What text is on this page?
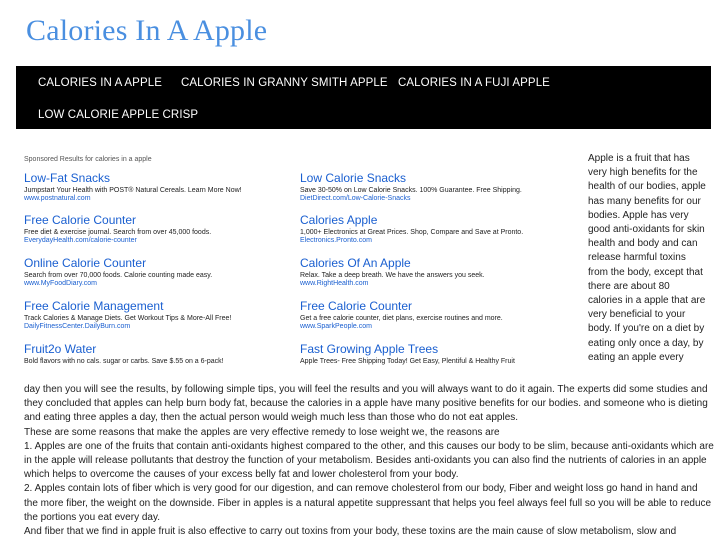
Calories In A Apple
CALORIES IN A APPLE CALORIES IN GRANNY SMITH APPLE CALORIES IN A FUJI APPLE
LOW CALORIE APPLE CRISP
Sponsored Results for calories in a apple
Low-Fat Snacks
Jumpstart Your Health with POST® Natural Cereals. Learn More Now!
www.postnatural.com
Free Calorie Counter
Free diet & exercise journal. Search from over 45,000 foods.
EverydayHealth.com/calorie-counter
Online Calorie Counter
Search from over 70,000 foods. Calorie counting made easy.
www.MyFoodDiary.com
Free Calorie Management
Track Calories & Manage Diets. Get Workout Tips & More-All Free!
DailyFitnessCenter.DailyBurn.com
Fruit2o Water
Bold flavors with no cals. sugar or carbs. Save $.55 on a 6-pack!
Low Calorie Snacks
Save 30-50% on Low Calorie Snacks. 100% Guarantee. Free Shipping.
DietDirect.com/Low-Calorie-Snacks
Calories Apple
1,000+ Electronics at Great Prices. Shop, Compare and Save at Pronto.
Electronics.Pronto.com
Calories Of An Apple
Relax. Take a deep breath. We have the answers you seek.
www.RightHealth.com
Free Calorie Counter
Get a free calorie counter, diet plans, exercise routines and more.
www.SparkPeople.com
Fast Growing Apple Trees
Apple Trees- Free Shipping Today! Get Easy, Plentiful & Healthy Fruit
Apple is a fruit that has very high benefits for the health of our bodies, apple has many benefits for our bodies. Apple has very good anti-oxidants for skin health and body and can release harmful toxins from the body, except that there are about 80 calories in a apple that are very beneficial to your body. If you're on a diet by eating only once a day, by eating an apple every

day then you will see the results, by following simple tips, you will feel the results and you will always want to do it again. The experts did some studies and they concluded that apples can help burn body fat, because the calories in a apple have many positive benefits for our bodies. and someone who is dieting and eating three apples a day, then the actual person would weigh much less than those who do not eat apples.

These are some reasons that make the apples are very effective remedy to lose weight we, the reasons are

1. Apples are one of the fruits that contain anti-oxidants highest compared to the other, and this causes our body to be slim, because anti-oxidants which are in the apple will release pollutants that destroy the function of your metabolism. Besides anti-oxidants you can also find the nutrients of calories in an apple which helps to overcome the causes of your excess belly fat and lower cholesterol from your body.

2. Apples contain lots of fiber which is very good for our digestion, and can remove cholesterol from our body, Fiber and weight loss go hand in hand and the more fiber, the weight on the downside. Fiber in apples is a natural appetite suppressant that helps you feel always feel full so you will be able to reduce the portions you eat every day.

And fiber that we find in apple fruit is also effective to carry out toxins from your body, these toxins are the main cause of slow metabolism, slow and
